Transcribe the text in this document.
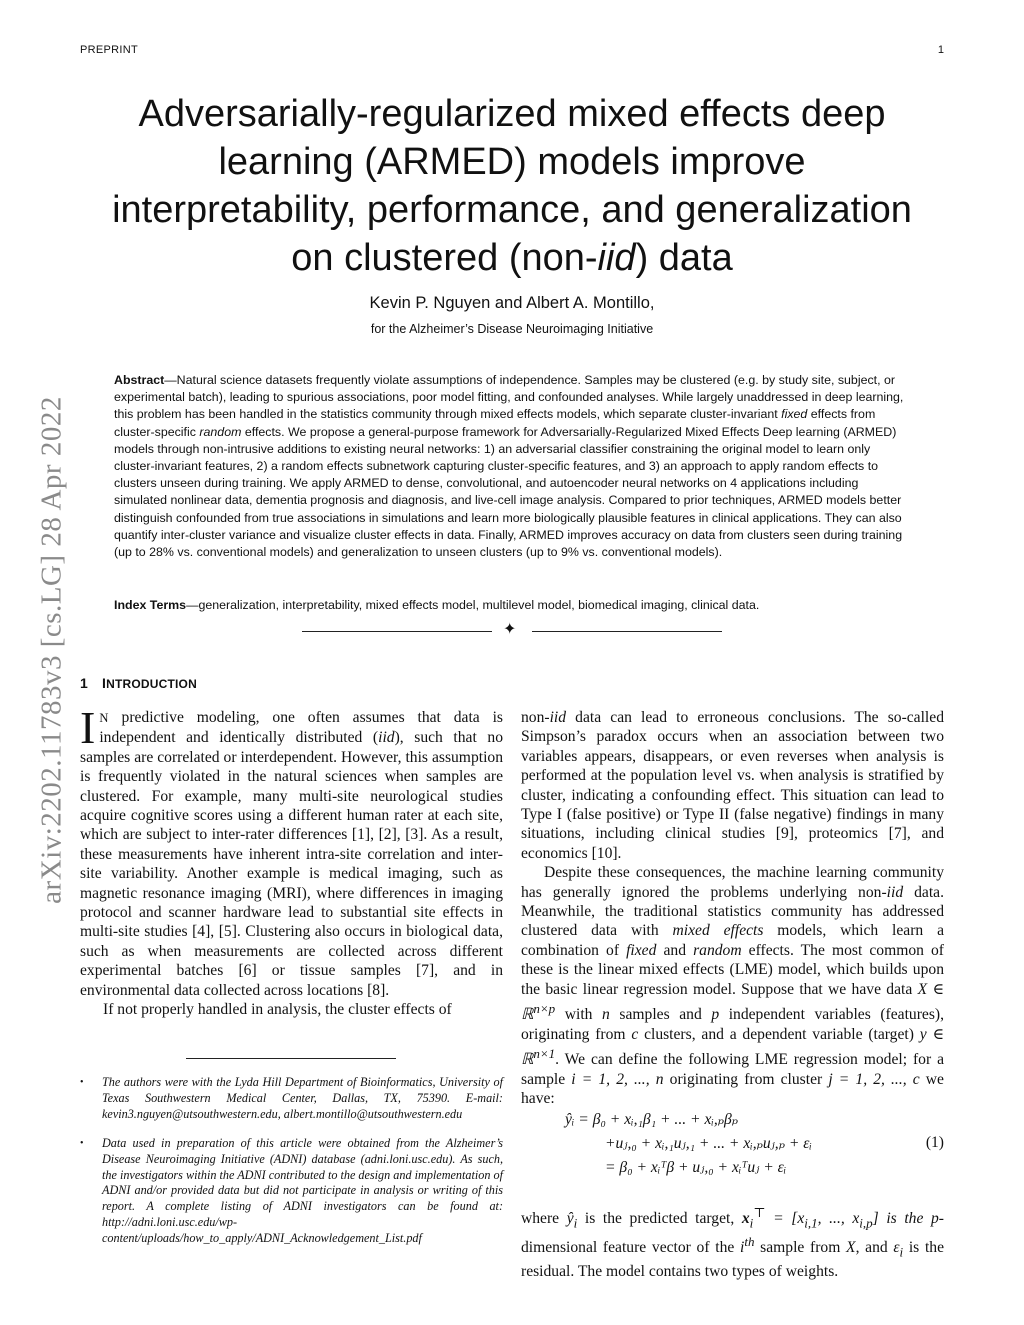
PREPRINT	1
arXiv:2202.11783v3 [cs.LG] 28 Apr 2022
Adversarially-regularized mixed effects deep
learning (ARMED) models improve
interpretability, performance, and generalization
on clustered (non-iid) data
Kevin P. Nguyen and Albert A. Montillo,
for the Alzheimer’s Disease Neuroimaging Initiative
Abstract—Natural science datasets frequently violate assumptions of independence. Samples may be clustered (e.g. by study site, subject, or experimental batch), leading to spurious associations, poor model fitting, and confounded analyses. While largely unaddressed in deep learning, this problem has been handled in the statistics community through mixed effects models, which separate cluster-invariant fixed effects from cluster-specific random effects. We propose a general-purpose framework for Adversarially-Regularized Mixed Effects Deep learning (ARMED) models through non-intrusive additions to existing neural networks: 1) an adversarial classifier constraining the original model to learn only cluster-invariant features, 2) a random effects subnetwork capturing cluster-specific features, and 3) an approach to apply random effects to clusters unseen during training. We apply ARMED to dense, convolutional, and autoencoder neural networks on 4 applications including simulated nonlinear data, dementia prognosis and diagnosis, and live-cell image analysis. Compared to prior techniques, ARMED models better distinguish confounded from true associations in simulations and learn more biologically plausible features in clinical applications. They can also quantify inter-cluster variance and visualize cluster effects in data. Finally, ARMED improves accuracy on data from clusters seen during training (up to 28% vs. conventional models) and generalization to unseen clusters (up to 9% vs. conventional models).
Index Terms—generalization, interpretability, mixed effects model, multilevel model, biomedical imaging, clinical data.
✦
1 INTRODUCTION

I N predictive modeling, one often assumes that data is independent and identically distributed (iid), such that no samples are correlated or interdependent. However, this assumption is frequently violated in the natural sciences when samples are clustered. For example, many multi-site neurological studies acquire cognitive scores using a different human rater at each site, which are subject to inter-rater differences [1], [2], [3]. As a result, these measurements have inherent intra-site correlation and inter-site variability. Another example is medical imaging, such as magnetic resonance imaging (MRI), where differences in imaging protocol and scanner hardware lead to substantial site effects in multi-site studies [4], [5]. Clustering also occurs in biological data, such as when measurements are collected across different experimental batches [6] or tissue samples [7], and in environmental data collected across locations [8].

If not properly handled in analysis, the cluster effects of

• The authors were with the Lyda Hill Department of Bioinformatics, University of Texas Southwestern Medical Center, Dallas, TX, 75390. E-mail: kevin3.nguyen@utsouthwestern.edu, albert.montillo@utsouthwestern.edu
• Data used in preparation of this article were obtained from the Alzheimer’s Disease Neuroimaging Initiative (ADNI) database (adni.loni.usc.edu). As such, the investigators within the ADNI contributed to the design and implementation of ADNI and/or provided data but did not participate in analysis or writing of this report. A complete listing of ADNI investigators can be found at: http://adni.loni.usc.edu/wp-content/uploads/how_to_apply/ADNI_Acknowledgement_List.pdf

non-iid data can lead to erroneous conclusions. The so-called Simpson’s paradox occurs when an association between two variables appears, disappears, or even reverses when analysis is performed at the population level vs. when analysis is stratified by cluster, indicating a confounding effect. This situation can lead to Type I (false positive) or Type II (false negative) findings in many situations, including clinical studies [9], proteomics [7], and economics [10].

Despite these consequences, the machine learning community has generally ignored the problems underlying non-iid data. Meanwhile, the traditional statistics community has addressed clustered data with mixed effects models, which learn a combination of fixed and random effects. The most common of these is the linear mixed effects (LME) model, which builds upon the basic linear regression model. Suppose that we have data X ∈ ℝ$^{n\times p}$ with n samples and p independent variables (features), originating from c clusters, and a dependent variable (target) y ∈ ℝ$^{n\times 1}$. We can define the following LME regression model; for a sample i = 1, 2, ..., n originating from cluster j = 1, 2, ..., c we have:

where $ŷ_i$ is the predicted target, $x_i^⊤ = [x_{i,1}$, ..., $x_{i,p}$] is the p-dimensional feature vector of the $i^{th}$ sample from X, and $\varepsilon_i$ is the residual. The model contains two types of weights.

ŷᵢ = β₀ + xᵢ,₁β₁ + ... + xᵢ,ₚβₚ
+uⱼ,₀ + xᵢ,₁uⱼ,₁ + ... + xᵢ,ₚuⱼ,ₚ + εᵢ
= β₀ + xᵢᵀβ + uⱼ,₀ + xᵢᵀuⱼ + εᵢ
(1)
